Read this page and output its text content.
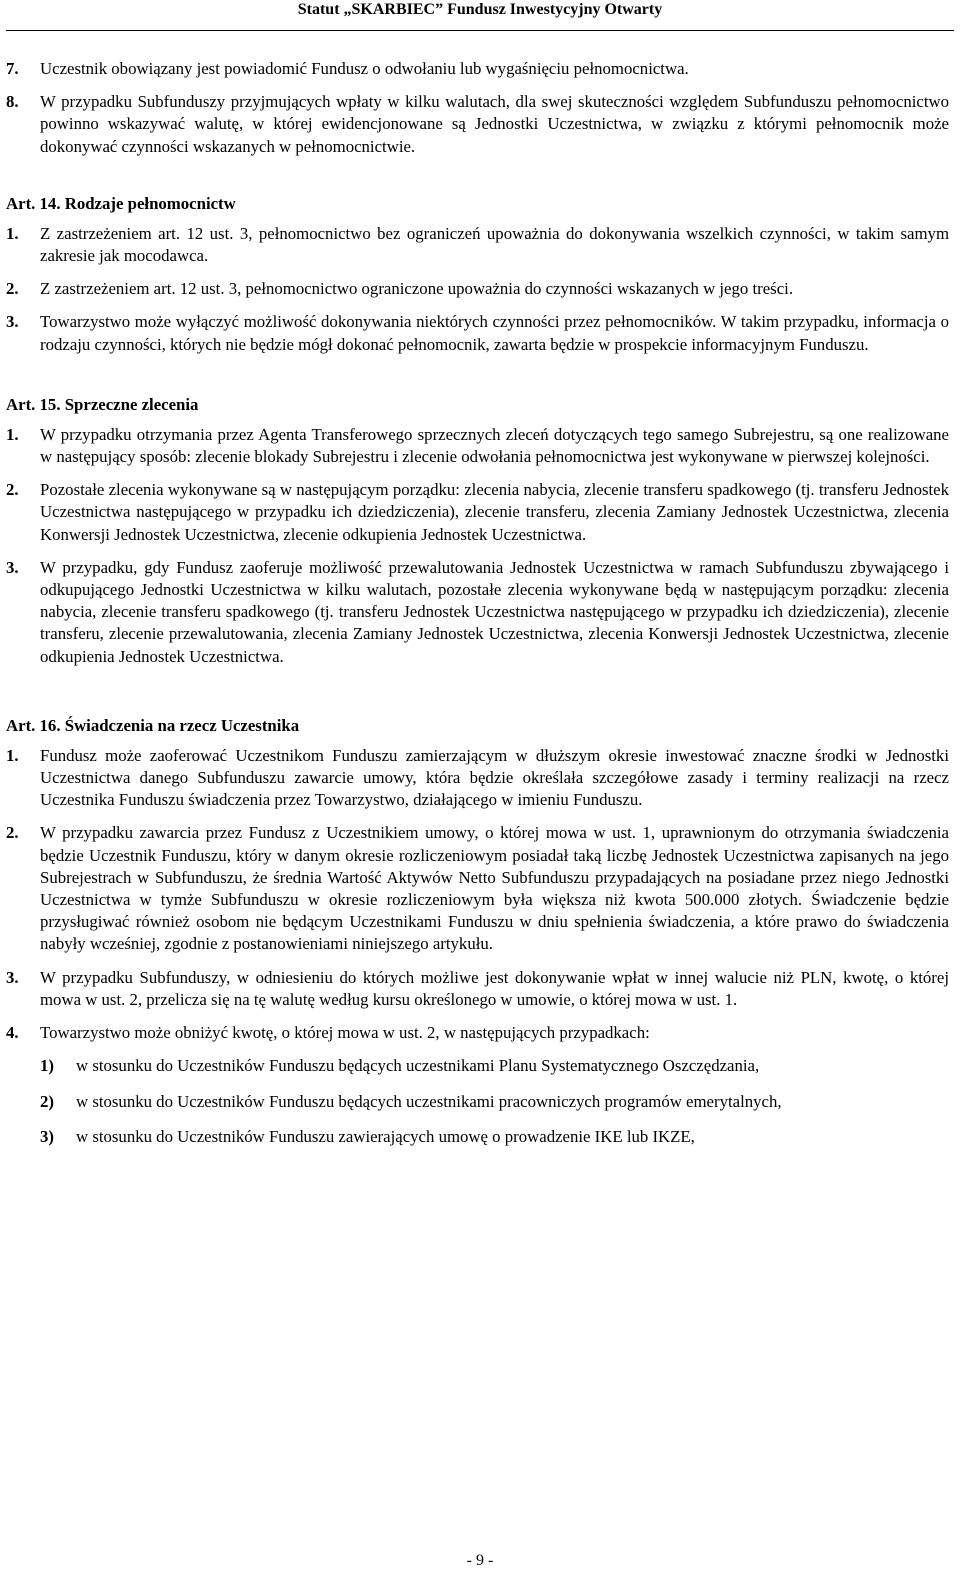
Statut „SKARBIEC” Fundusz Inwestycyjny Otwarty
7. Uczestnik obowiązany jest powiadomić Fundusz o odwołaniu lub wygaśnięciu pełnomocnictwa.
8. W przypadku Subfunduszy przyjmujących wpłaty w kilku walutach, dla swej skuteczności względem Subfunduszu pełnomocnictwo powinno wskazywać walutę, w której ewidencjonowane są Jednostki Uczestnictwa, w związku z którymi pełnomocnik może dokonywać czynności wskazanych w pełnomocnictwie.
Art. 14. Rodzaje pełnomocnictw
1. Z zastrzeżeniem art. 12 ust. 3, pełnomocnictwo bez ograniczeń upoważnia do dokonywania wszelkich czynności, w takim samym zakresie jak mocodawca.
2. Z zastrzeżeniem art. 12 ust. 3, pełnomocnictwo ograniczone upoważnia do czynności wskazanych w jego treści.
3. Towarzystwo może wyłączyć możliwość dokonywania niektórych czynności przez pełnomocników. W takim przypadku, informacja o rodzaju czynności, których nie będzie mógł dokonać pełnomocnik, zawarta będzie w prospekcie informacyjnym Funduszu.
Art. 15. Sprzeczne zlecenia
1. W przypadku otrzymania przez Agenta Transferowego sprzecznych zleceń dotyczących tego samego Subrejestru, są one realizowane w następujący sposób: zlecenie blokady Subrejestru i zlecenie odwołania pełnomocnictwa jest wykonywane w pierwszej kolejności.
2. Pozostałe zlecenia wykonywane są w następującym porządku: zlecenia nabycia, zlecenie transferu spadkowego (tj. transferu Jednostek Uczestnictwa następującego w przypadku ich dziedziczenia), zlecenie transferu, zlecenia Zamiany Jednostek Uczestnictwa, zlecenia Konwersji Jednostek Uczestnictwa, zlecenie odkupienia Jednostek Uczestnictwa.
3. W przypadku, gdy Fundusz zaoferuje możliwość przewalutowania Jednostek Uczestnictwa w ramach Subfunduszu zbywającego i odkupującego Jednostki Uczestnictwa w kilku walutach, pozostałe zlecenia wykonywane będą w następującym porządku: zlecenia nabycia, zlecenie transferu spadkowego (tj. transferu Jednostek Uczestnictwa następującego w przypadku ich dziedziczenia), zlecenie transferu, zlecenie przewalutowania, zlecenia Zamiany Jednostek Uczestnictwa, zlecenia Konwersji Jednostek Uczestnictwa, zlecenie odkupienia Jednostek Uczestnictwa.
Art. 16. Świadczenia na rzecz Uczestnika
1. Fundusz może zaoferować Uczestnikom Funduszu zamierzającym w dłuższym okresie inwestować znaczne środki w Jednostki Uczestnictwa danego Subfunduszu zawarcie umowy, która będzie określała szczegółowe zasady i terminy realizacji na rzecz Uczestnika Funduszu świadczenia przez Towarzystwo, działającego w imieniu Funduszu.
2. W przypadku zawarcia przez Fundusz z Uczestnikiem umowy, o której mowa w ust. 1, uprawnionym do otrzymania świadczenia będzie Uczestnik Funduszu, który w danym okresie rozliczeniowym posiadał taką liczbę Jednostek Uczestnictwa zapisanych na jego Subrejestrach w Subfunduszu, że średnia Wartość Aktywów Netto Subfunduszu przypadających na posiadane przez niego Jednostki Uczestnictwa w tymże Subfunduszu w okresie rozliczeniowym była większa niż kwota 500.000 złotych. Świadczenie będzie przysługiwać również osobom nie będącym Uczestnikami Funduszu w dniu spełnienia świadczenia, a które prawo do świadczenia nabyły wcześniej, zgodnie z postanowieniami niniejszego artykułu.
3. W przypadku Subfunduszy, w odniesieniu do których możliwe jest dokonywanie wpłat w innej walucie niż PLN, kwotę, o której mowa w ust. 2, przelicza się na tę walutę według kursu określonego w umowie, o której mowa w ust. 1.
4. Towarzystwo może obniżyć kwotę, o której mowa w ust. 2, w następujących przypadkach:
1) w stosunku do Uczestników Funduszu będących uczestnikami Planu Systematycznego Oszczędzania,
2) w stosunku do Uczestników Funduszu będących uczestnikami pracowniczych programów emerytalnych,
3) w stosunku do Uczestników Funduszu zawierających umowę o prowadzenie IKE lub IKZE,
- 9 -
